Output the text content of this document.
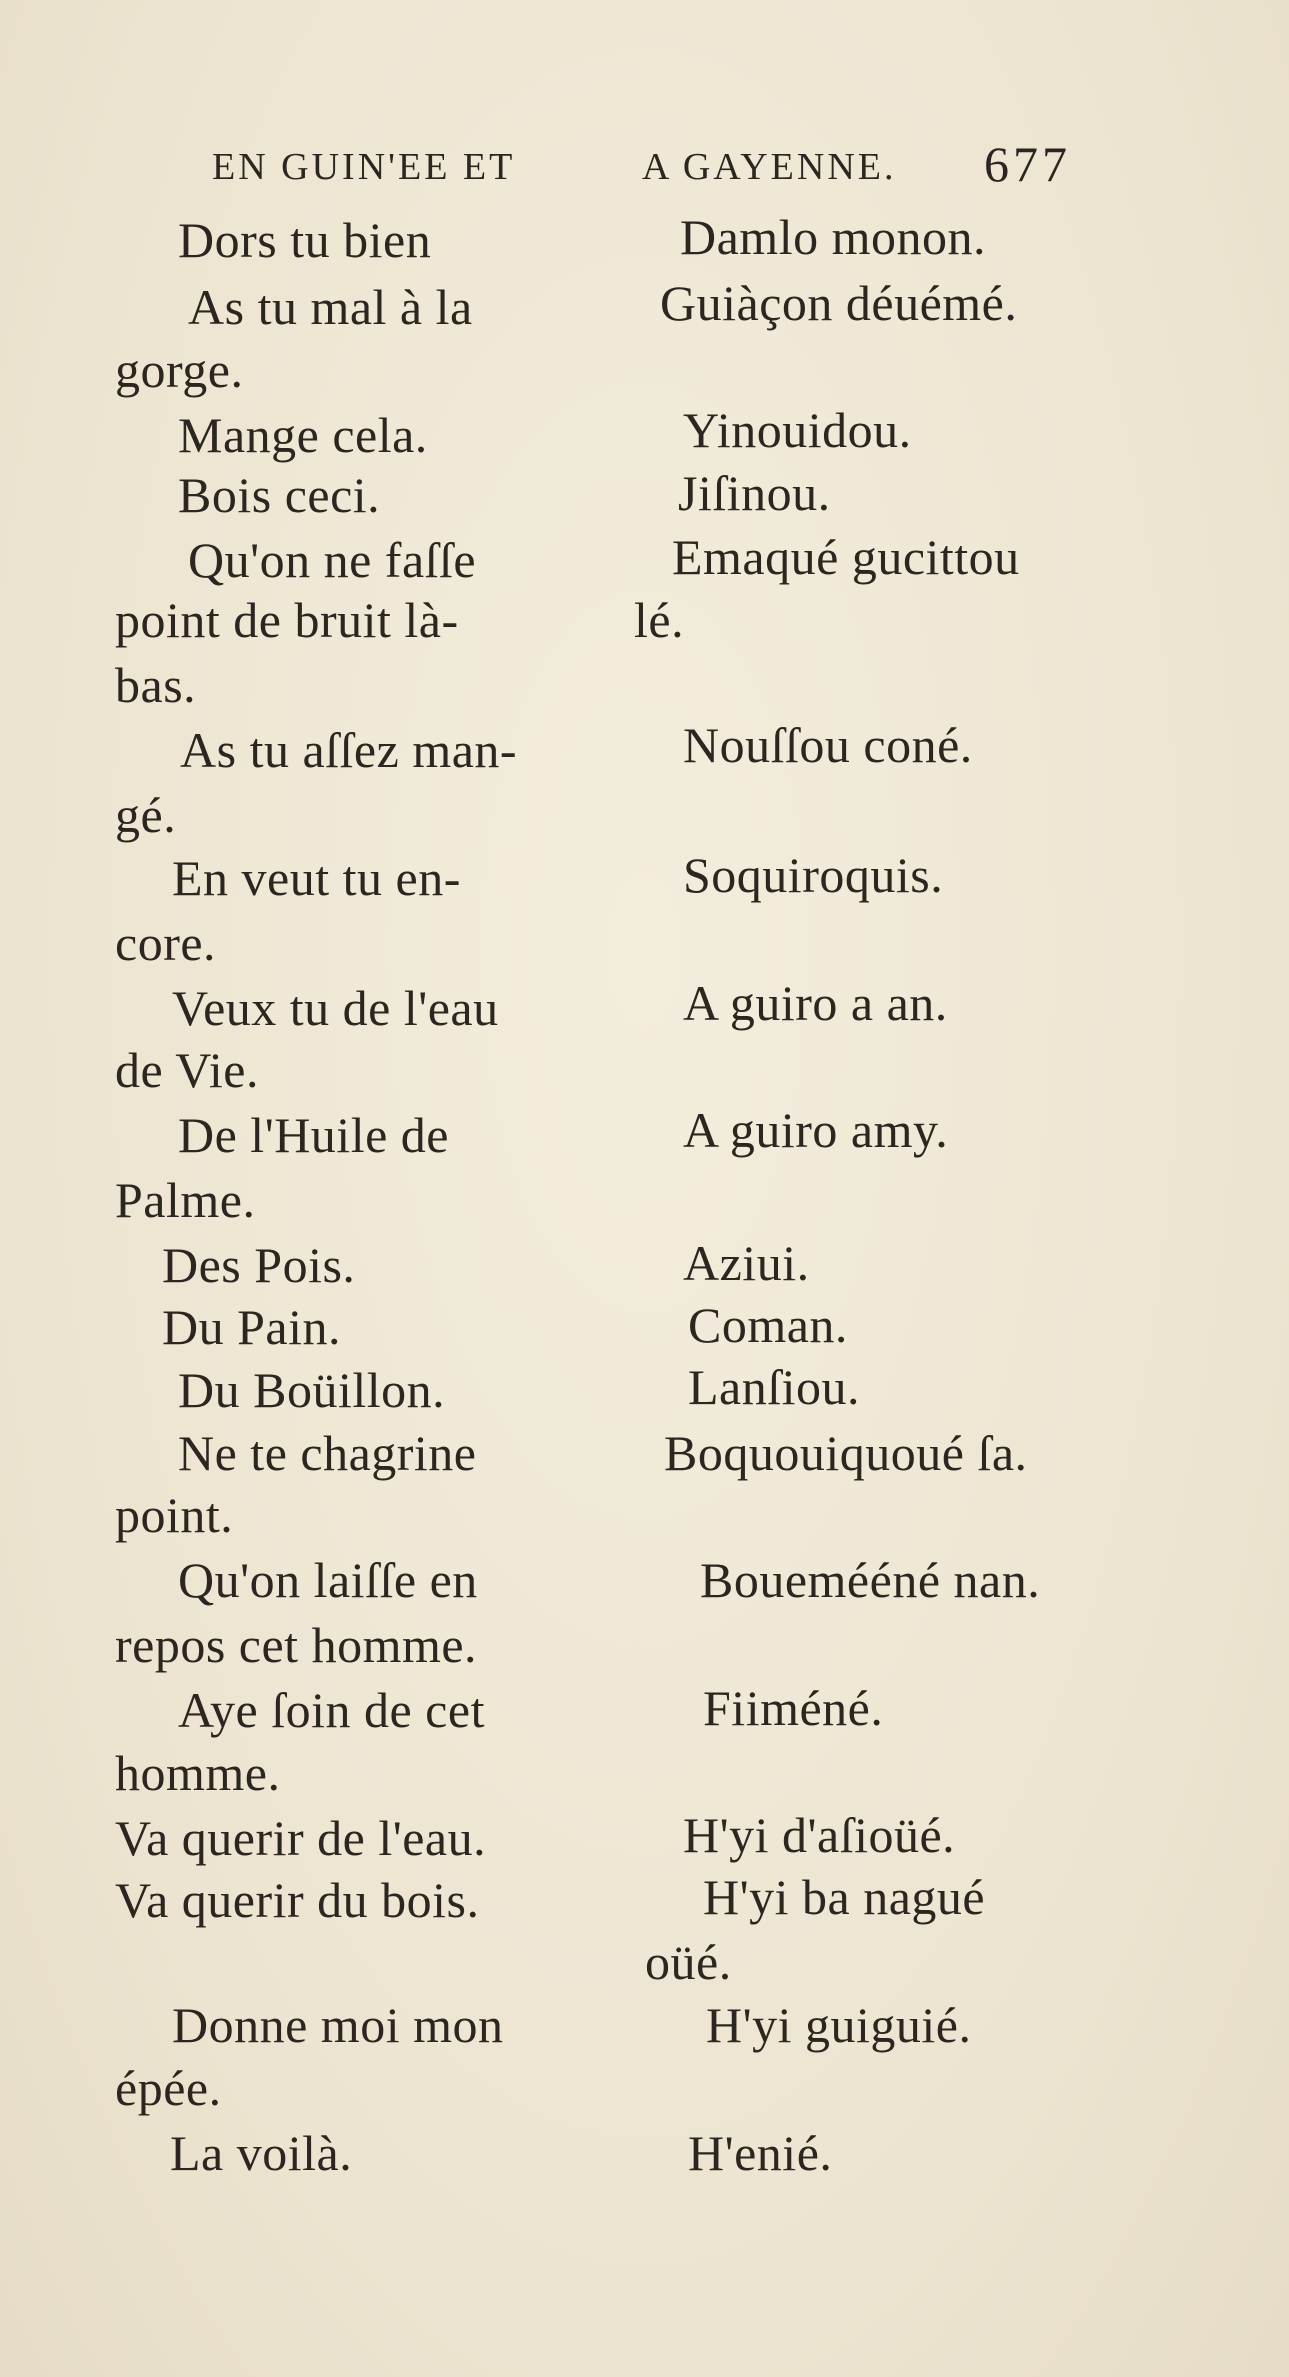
EN GUIN'EE ET	A GAYENNE. 677
Dors tu bien
As tu mal à la
gorge.
Mange cela.
Bois ceci.
Qu'on ne faſſe
point de bruit là-
bas.
As tu aſſez man-
gé.
En veut tu en-
core.
Veux tu de l'eau
de Vie.
De l'Huile de
Palme.
Des Pois.
Du Pain.
Du Boüillon.
Ne te chagrine
point.
Qu'on laiſſe en
repos cet homme.
Aye ſoin de cet
homme.
Va querir de l'eau.
Va querir du bois.
Donne moi mon
épée.
La voilà.
Damlo monon.
Guiàçon déuémé.
Yinouidou.
Jiſinou.
Emaqué gucittou
lé.
Nouſſou coné.
Soquiroquis.
A guiro a an.
A guiro amy.
Aziui.
Coman.
Lanſiou.
Boquouiquoué ſa.
Bouemééné nan.
Fiiméné.
H'yi d'aſioüé.
H'yi ba nagué
oüé.
H'yi guiguié.
H'enié.
